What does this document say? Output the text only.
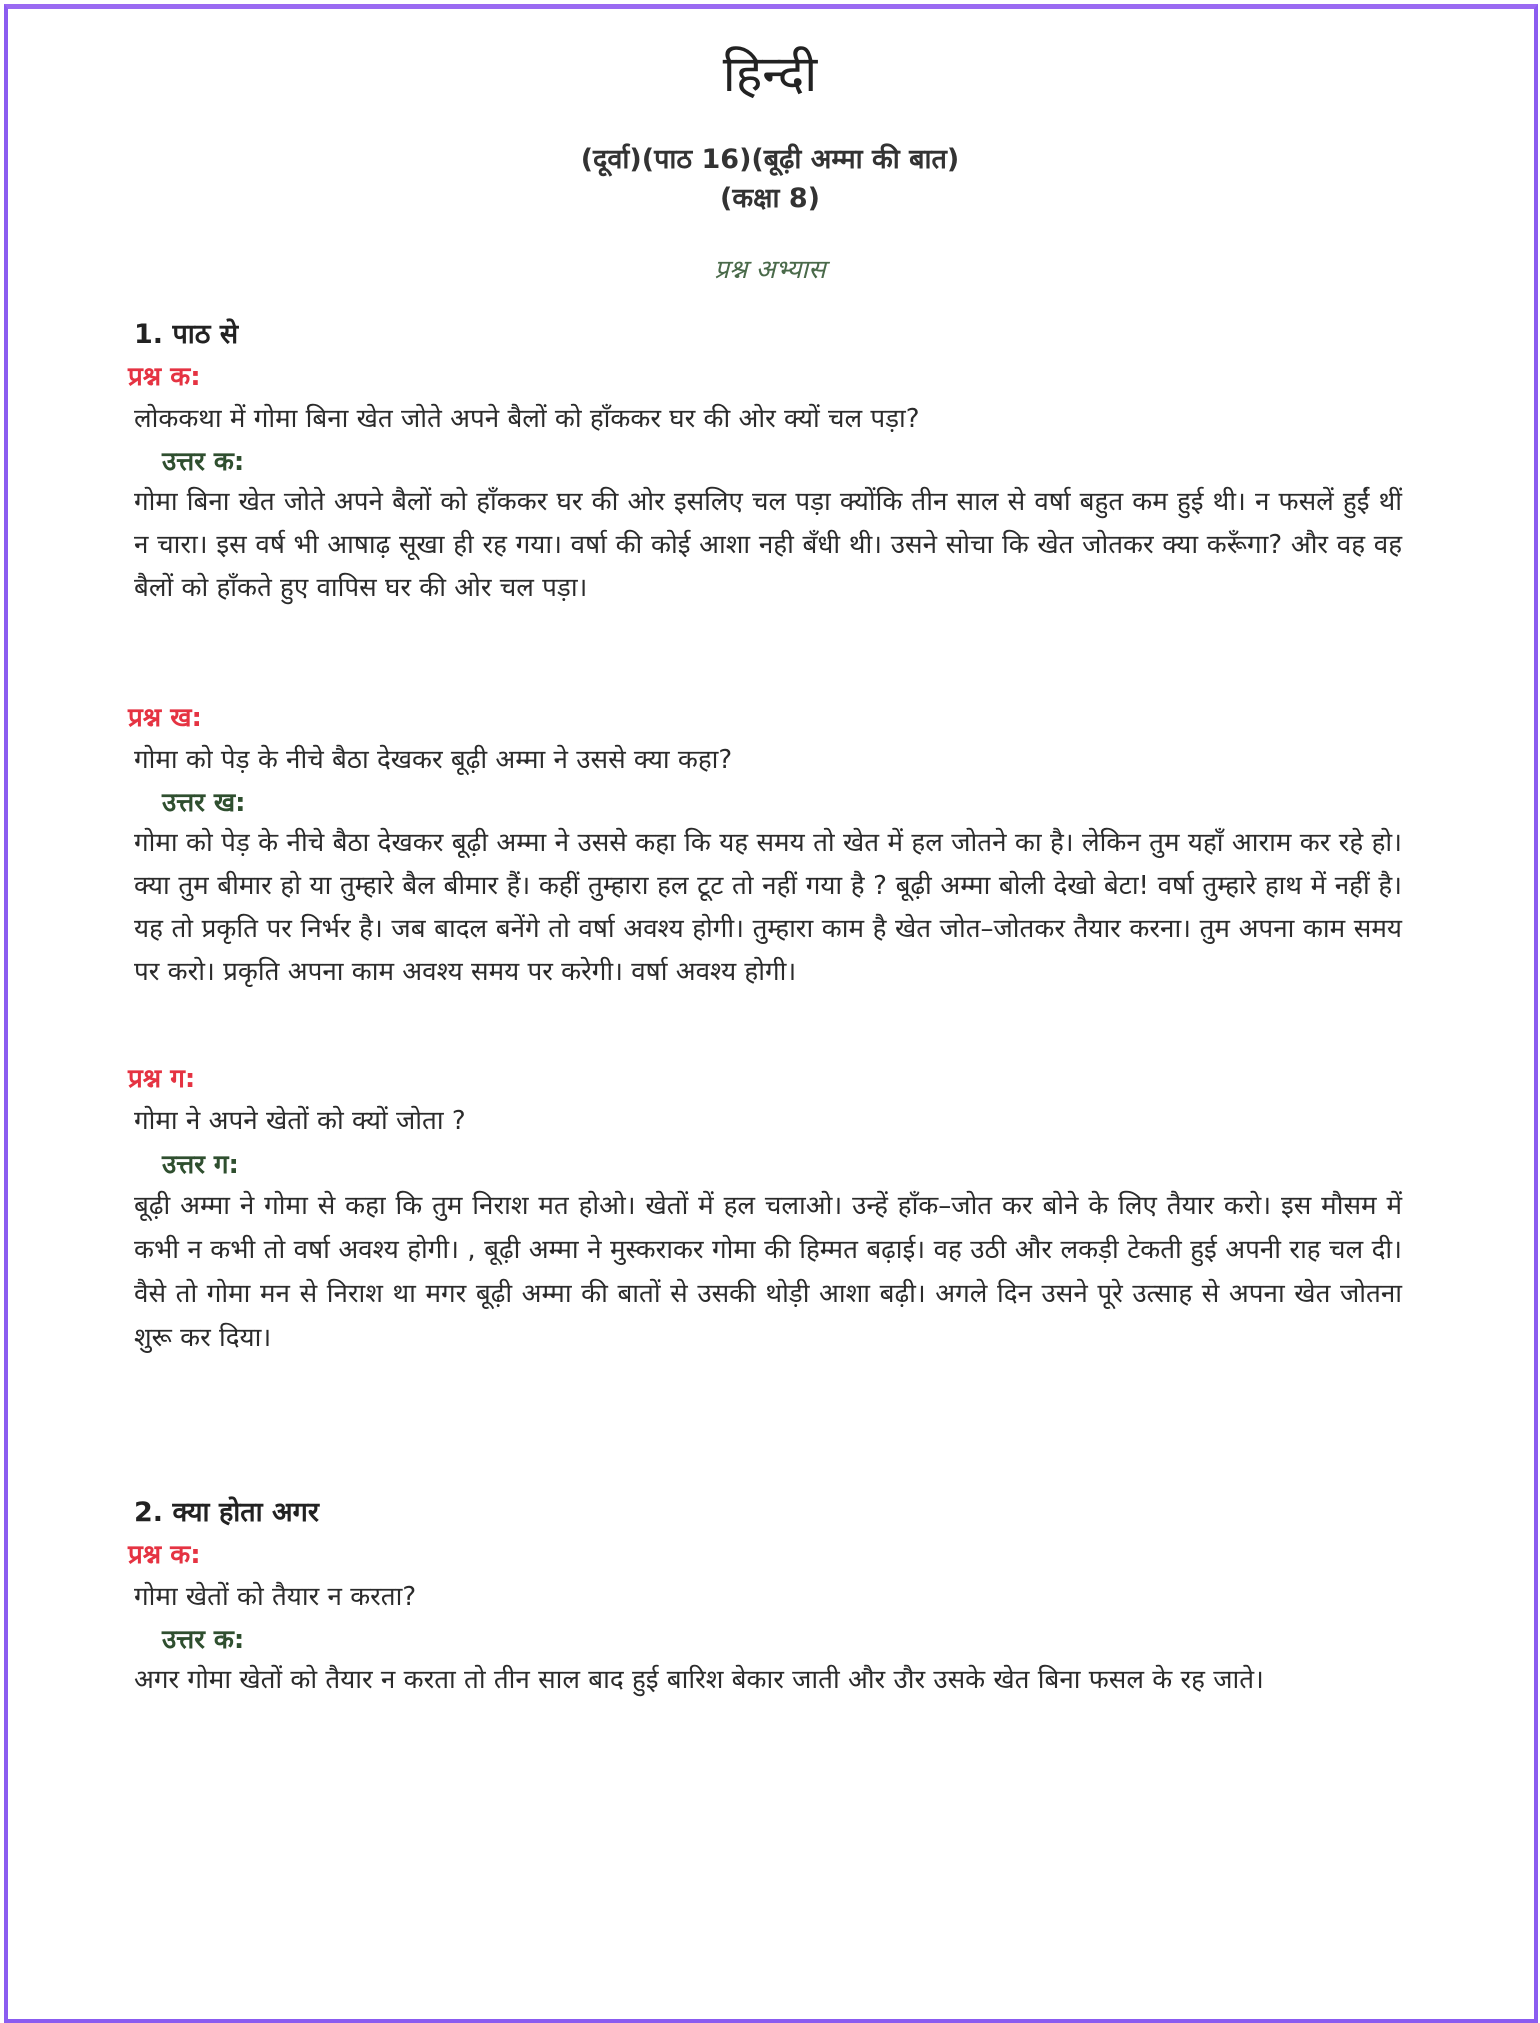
हिन्दी
(दूर्वा)(पाठ 16)(बूढ़ी अम्मा की बात)
(कक्षा 8)
प्रश्न अभ्यास
1. पाठ से
प्रश्न क:
लोककथा में गोमा बिना खेत जोते अपने बैलों को हाँककर घर की ओर क्यों चल पड़ा?
उत्तर क:
गोमा बिना खेत जोते अपने बैलों को हाँककर घर की ओर इसलिए चल पड़ा क्योंकि तीन साल से वर्षा बहुत कम हुई थी। न फसलें हुईं थीं न चारा। इस वर्ष भी आषाढ़ सूखा ही रह गया। वर्षा की कोई आशा नही बँधी थी। उसने सोचा कि खेत जोतकर क्या करूँगा? और वह वह बैलों को हाँकते हुए वापिस घर की ओर चल पड़ा।
प्रश्न ख:
गोमा को पेड़ के नीचे बैठा देखकर बूढ़ी अम्मा ने उससे क्या कहा?
उत्तर ख:
गोमा को पेड़ के नीचे बैठा देखकर बूढ़ी अम्मा ने उससे कहा कि यह समय तो खेत में हल जोतने का है। लेकिन तुम यहाँ आराम कर रहे हो। क्या तुम बीमार हो या तुम्हारे बैल बीमार हैं। कहीं तुम्हारा हल टूट तो नहीं गया है ? बूढ़ी अम्मा बोली देखो बेटा! वर्षा तुम्हारे हाथ में नहीं है। यह तो प्रकृति पर निर्भर है। जब बादल बनेंगे तो वर्षा अवश्य होगी। तुम्हारा काम है खेत जोत–जोतकर तैयार करना। तुम अपना काम समय पर करो। प्रकृति अपना काम अवश्य समय पर करेगी। वर्षा अवश्य होगी।
प्रश्न ग:
गोमा ने अपने खेतों को क्यों जोता ?
उत्तर ग:
बूढ़ी अम्मा ने गोमा से कहा कि तुम निराश मत होओ। खेतों में हल चलाओ। उन्हें हाँक–जोत कर बोने के लिए तैयार करो। इस मौसम में कभी न कभी तो वर्षा अवश्य होगी। , बूढ़ी अम्मा ने मुस्कराकर गोमा की हिम्मत बढ़ाई। वह उठी और लकड़ी टेकती हुई अपनी राह चल दी। वैसे तो गोमा मन से निराश था मगर बूढ़ी अम्मा की बातों से उसकी थोड़ी आशा बढ़ी। अगले दिन उसने पूरे उत्साह से अपना खेत जोतना शुरू कर दिया।
2. क्या होता अगर
प्रश्न क:
गोमा खेतों को तैयार न करता?
उत्तर क:
अगर गोमा खेतों को तैयार न करता तो तीन साल बाद हुई बारिश बेकार जाती और उौर उसके खेत बिना फसल के रह जाते।
